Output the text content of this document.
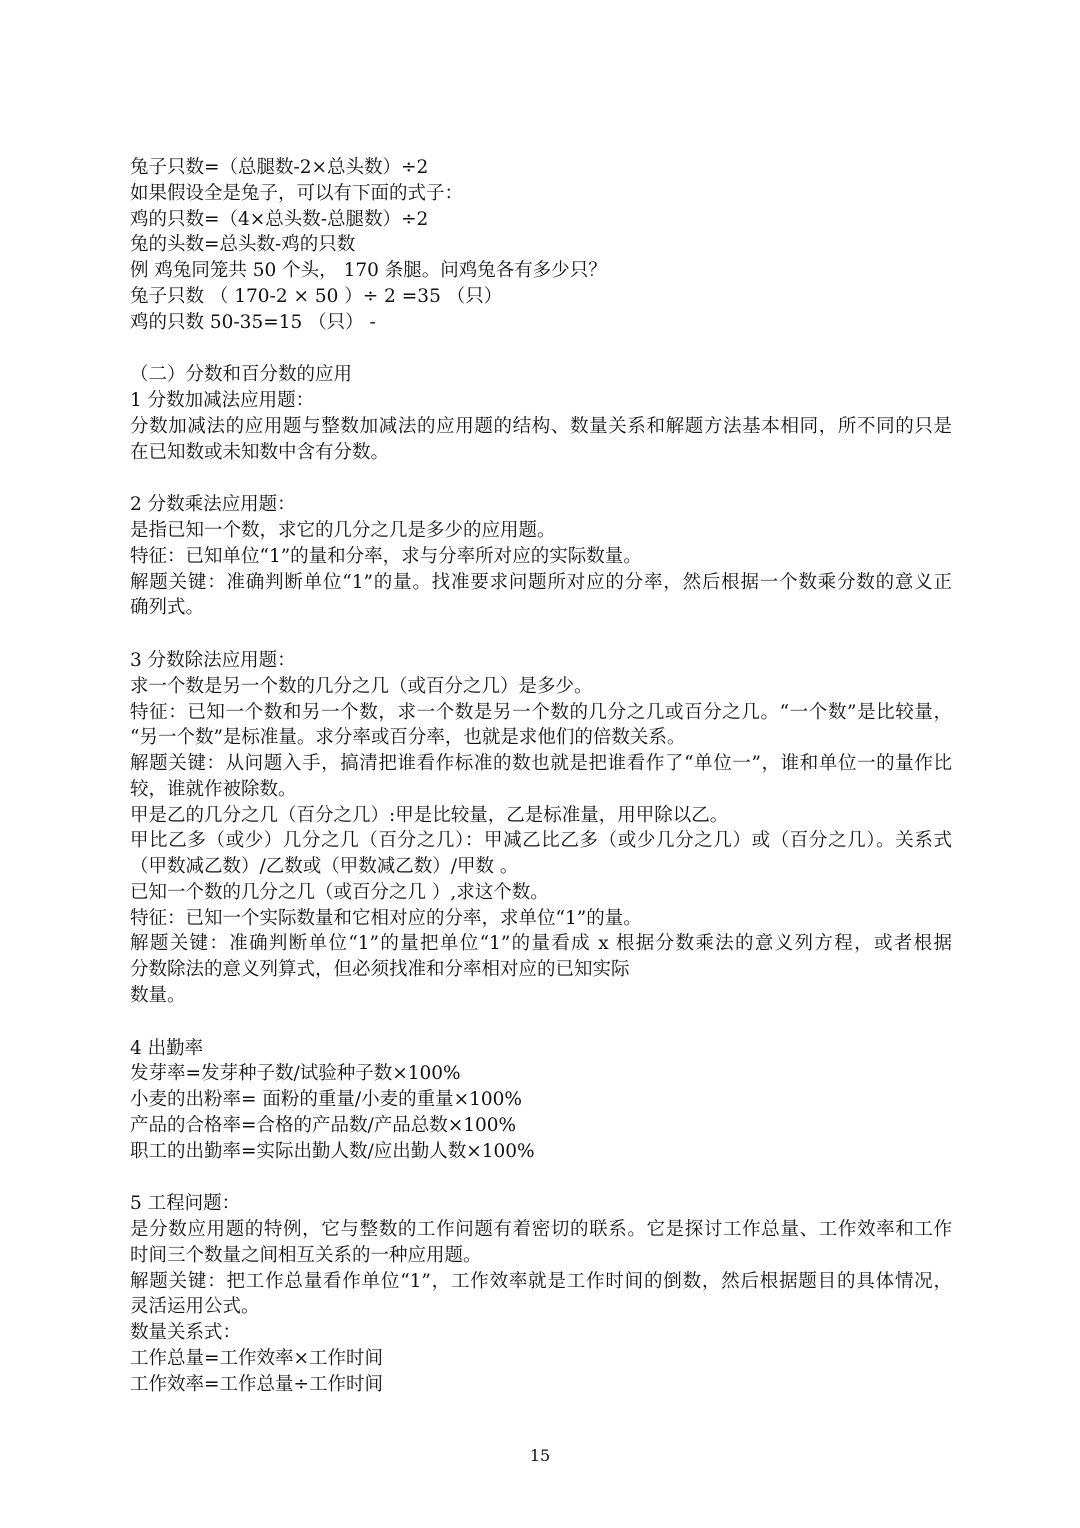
兔子只数=（总腿数-2×总头数）÷2
如果假设全是兔子，可以有下面的式子：
鸡的只数=（4×总头数-总腿数）÷2
兔的头数=总头数-鸡的只数
例 鸡兔同笼共 50 个头， 170 条腿。问鸡兔各有多少只？
兔子只数 （ 170-2 × 50 ）÷ 2 =35 （只）
鸡的只数 50-35=15 （只） -
（二）分数和百分数的应用
1 分数加减法应用题：
分数加减法的应用题与整数加减法的应用题的结构、数量关系和解题方法基本相同，所不同的只是
在已知数或未知数中含有分数。
2 分数乘法应用题：
是指已知一个数，求它的几分之几是多少的应用题。
特征：已知单位“1”的量和分率，求与分率所对应的实际数量。
解题关键：准确判断单位“1”的量。找准要求问题所对应的分率，然后根据一个数乘分数的意义正
确列式。
3 分数除法应用题：
求一个数是另一个数的几分之几（或百分之几）是多少。
特征：已知一个数和另一个数，求一个数是另一个数的几分之几或百分之几。“一个数”是比较量，
“另一个数”是标准量。求分率或百分率，也就是求他们的倍数关系。
解题关键：从问题入手，搞清把谁看作标准的数也就是把谁看作了“单位一”，谁和单位一的量作比
较，谁就作被除数。
甲是乙的几分之几（百分之几）:甲是比较量，乙是标准量，用甲除以乙。
甲比乙多（或少）几分之几（百分之几）：甲减乙比乙多（或少几分之几）或（百分之几）。关系式
（甲数减乙数）/乙数或（甲数减乙数）/甲数 。
已知一个数的几分之几（或百分之几 ）,求这个数。
特征：已知一个实际数量和它相对应的分率，求单位“1”的量。
解题关键：准确判断单位“1”的量把单位“1”的量看成 x 根据分数乘法的意义列方程，或者根据
分数除法的意义列算式，但必须找准和分率相对应的已知实际
数量。
4 出勤率
发芽率=发芽种子数/试验种子数×100%
小麦的出粉率= 面粉的重量/小麦的重量×100%
产品的合格率=合格的产品数/产品总数×100%
职工的出勤率=实际出勤人数/应出勤人数×100%
5 工程问题：
是分数应用题的特例，它与整数的工作问题有着密切的联系。它是探讨工作总量、工作效率和工作
时间三个数量之间相互关系的一种应用题。
解题关键：把工作总量看作单位“1”，工作效率就是工作时间的倒数，然后根据题目的具体情况，
灵活运用公式。
数量关系式：
工作总量=工作效率×工作时间
工作效率=工作总量÷工作时间
15
